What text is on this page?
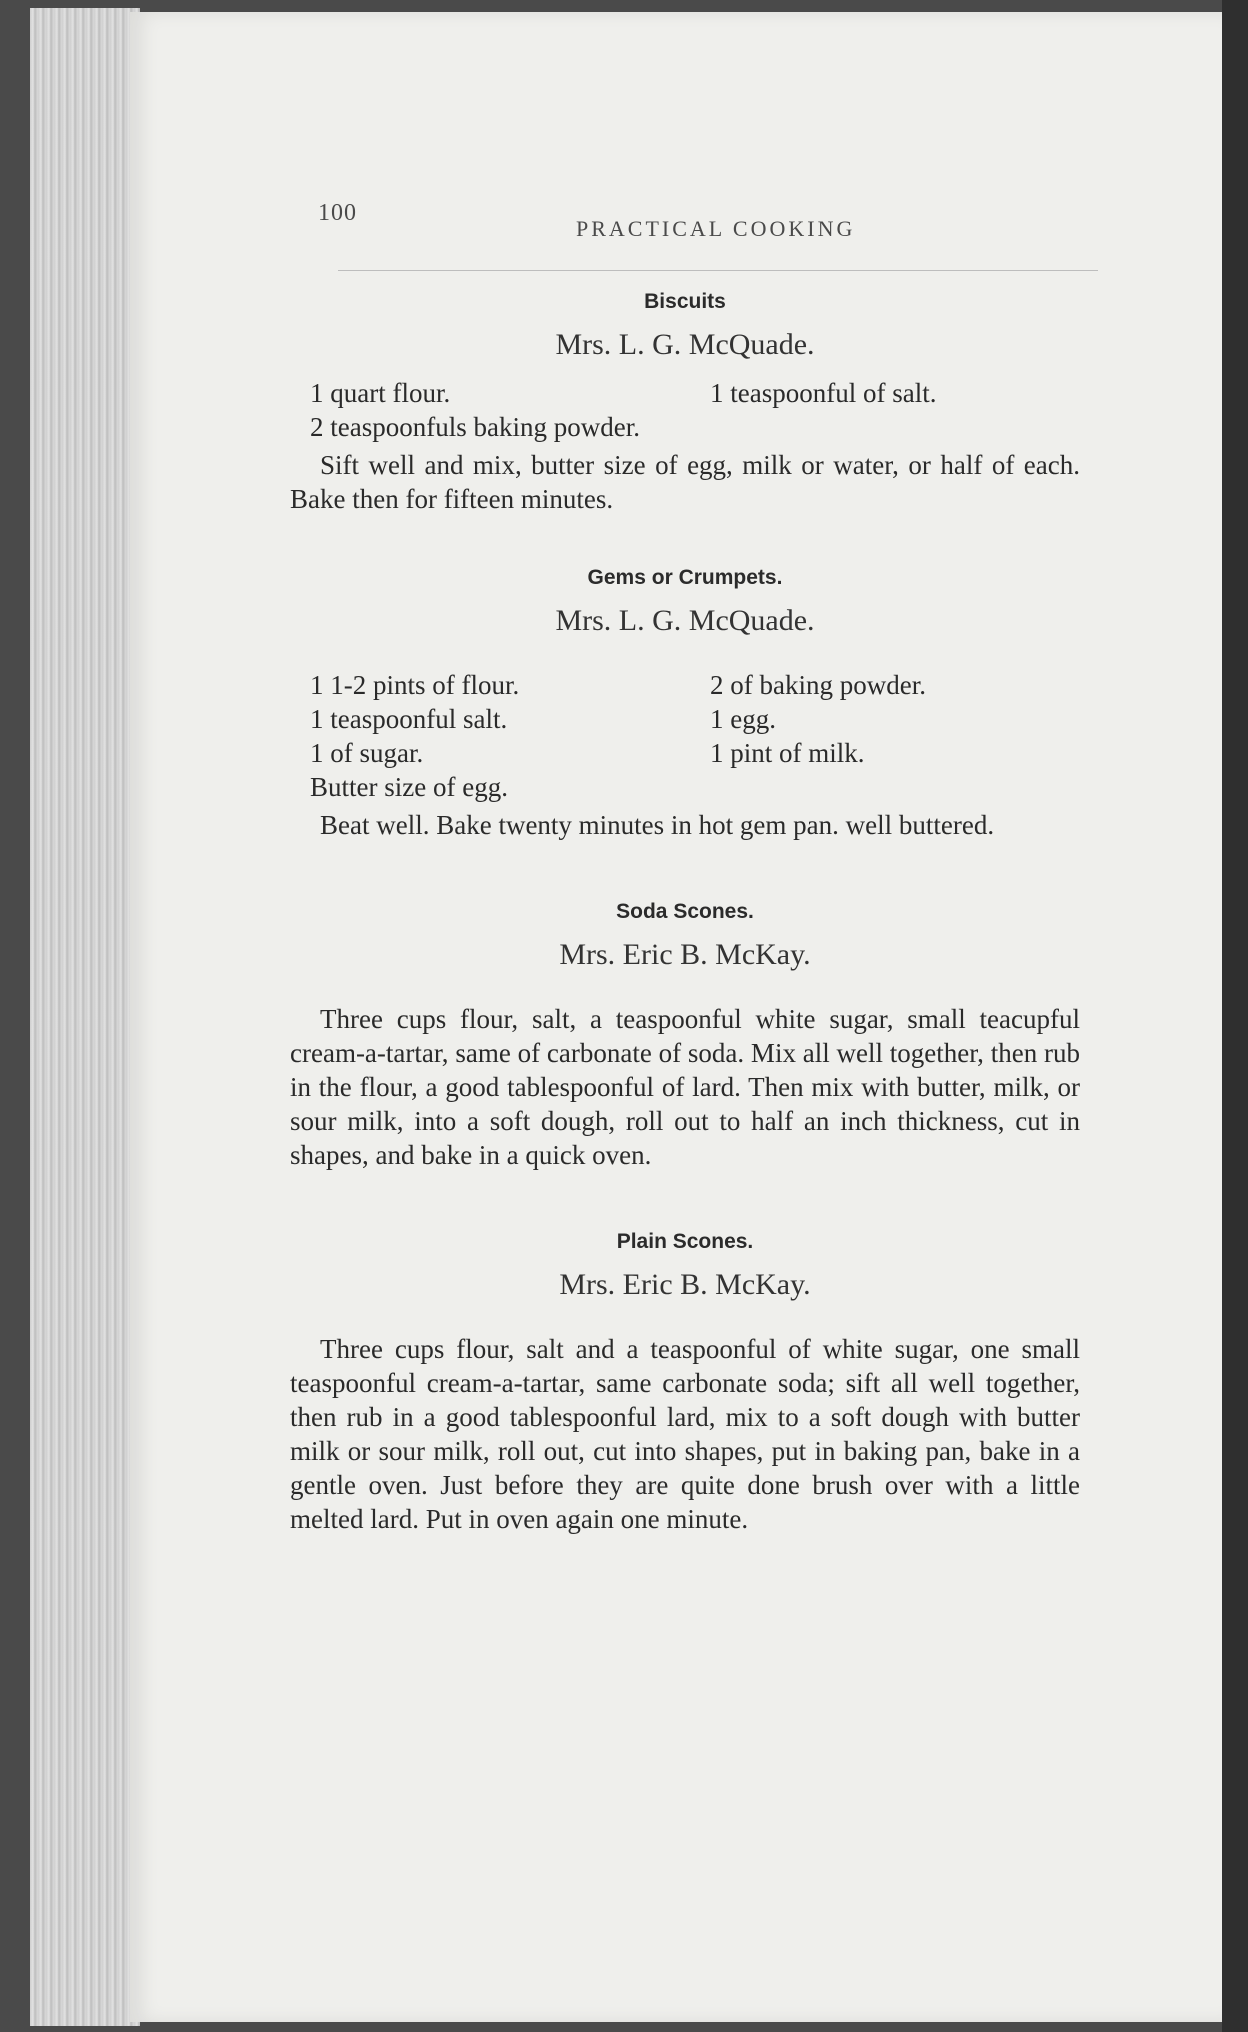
100
PRACTICAL COOKING
Biscuits
Mrs. L. G. McQuade.
1 quart flour.	1 teaspoonful of salt.
2 teaspoonfuls baking powder.

Sift well and mix, butter size of egg, milk or water, or half of each. Bake then for fifteen minutes.

Gems or Crumpets.
Mrs. L. G. McQuade.
1 1-2 pints of flour.	2 of baking powder.
1 teaspoonful salt.	1 egg.
1 of sugar.	1 pint of milk.
Butter size of egg.

Beat well. Bake twenty minutes in hot gem pan. well buttered.

Soda Scones.
Mrs. Eric B. McKay.

Three cups flour, salt, a teaspoonful white sugar, small teacupful cream-a-tartar, same of carbonate of soda. Mix all well together, then rub in the flour, a good tablespoonful of lard. Then mix with butter, milk, or sour milk, into a soft dough, roll out to half an inch thickness, cut in shapes, and bake in a quick oven.

Plain Scones.
Mrs. Eric B. McKay.

Three cups flour, salt and a teaspoonful of white sugar, one small teaspoonful cream-a-tartar, same carbonate soda; sift all well together, then rub in a good tablespoonful lard, mix to a soft dough with butter milk or sour milk, roll out, cut into shapes, put in baking pan, bake in a gentle oven. Just before they are quite done brush over with a little melted lard. Put in oven again one minute.
